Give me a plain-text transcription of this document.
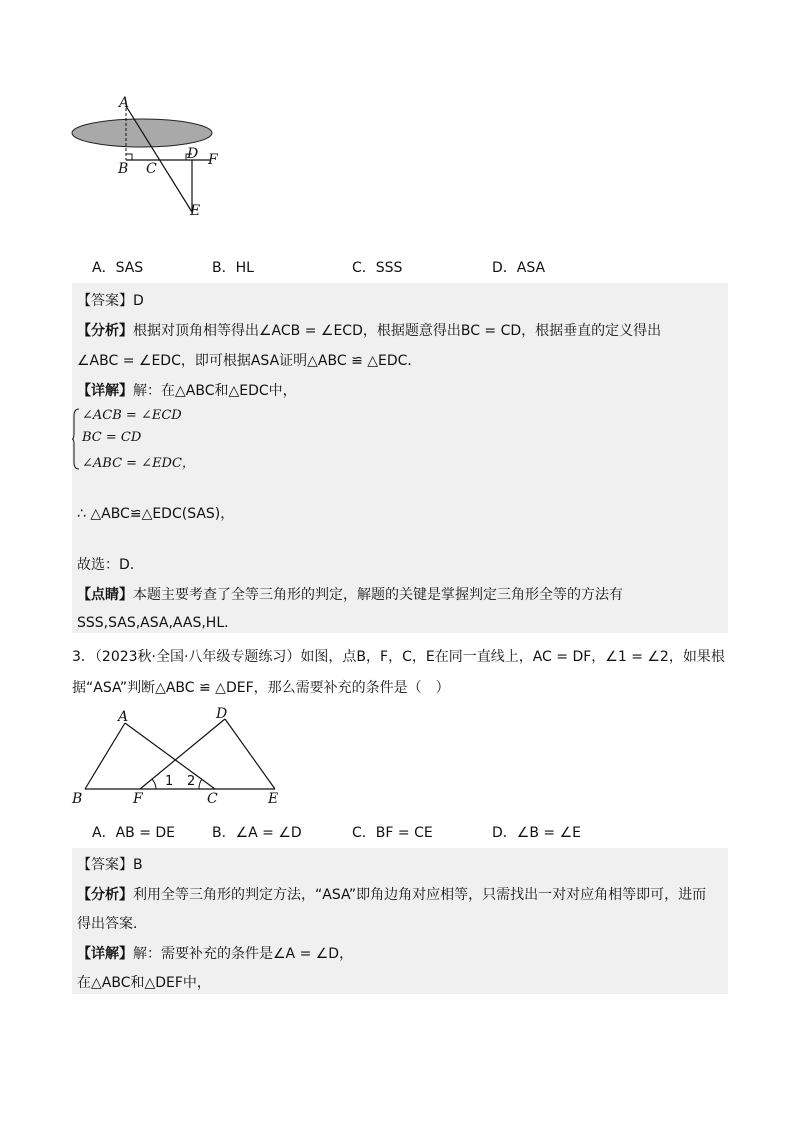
A
B C
D F
E
A．SAS	B．HL	C．SSS	D．ASA
【答案】D
【分析】根据对顶角相等得出∠ACB = ∠ECD，根据题意得出BC = CD，根据垂直的定义得出
∠ABC = ∠EDC，即可根据ASA证明△ABC ≌ △EDC．
【详解】解：在△ABC和△EDC中，
∠ACB = ∠ECD
BC = CD
∠ABC = ∠EDC，
∴ △ABC≌△EDC(SAS)，
故选：D.
【点睛】本题主要考查了全等三角形的判定，解题的关键是掌握判定三角形全等的方法有
SSS,SAS,ASA,AAS,HL．
3．（2023秋·全国·八年级专题练习）如图，点B，F，C，E在同一直线上，AC = DF，∠1 = ∠2，如果根
据“ASA”判断△ABC ≌ △DEF，那么需要补充的条件是（　）
A	D
B	F	C	E
1 2
A．AB = DE	B．∠A = ∠D	C．BF = CE	D．∠B = ∠E
【答案】B
【分析】利用全等三角形的判定方法，“ASA”即角边角对应相等，只需找出一对对应角相等即可，进而
得出答案．
【详解】解：需要补充的条件是∠A = ∠D，
在△ABC和△DEF中，
